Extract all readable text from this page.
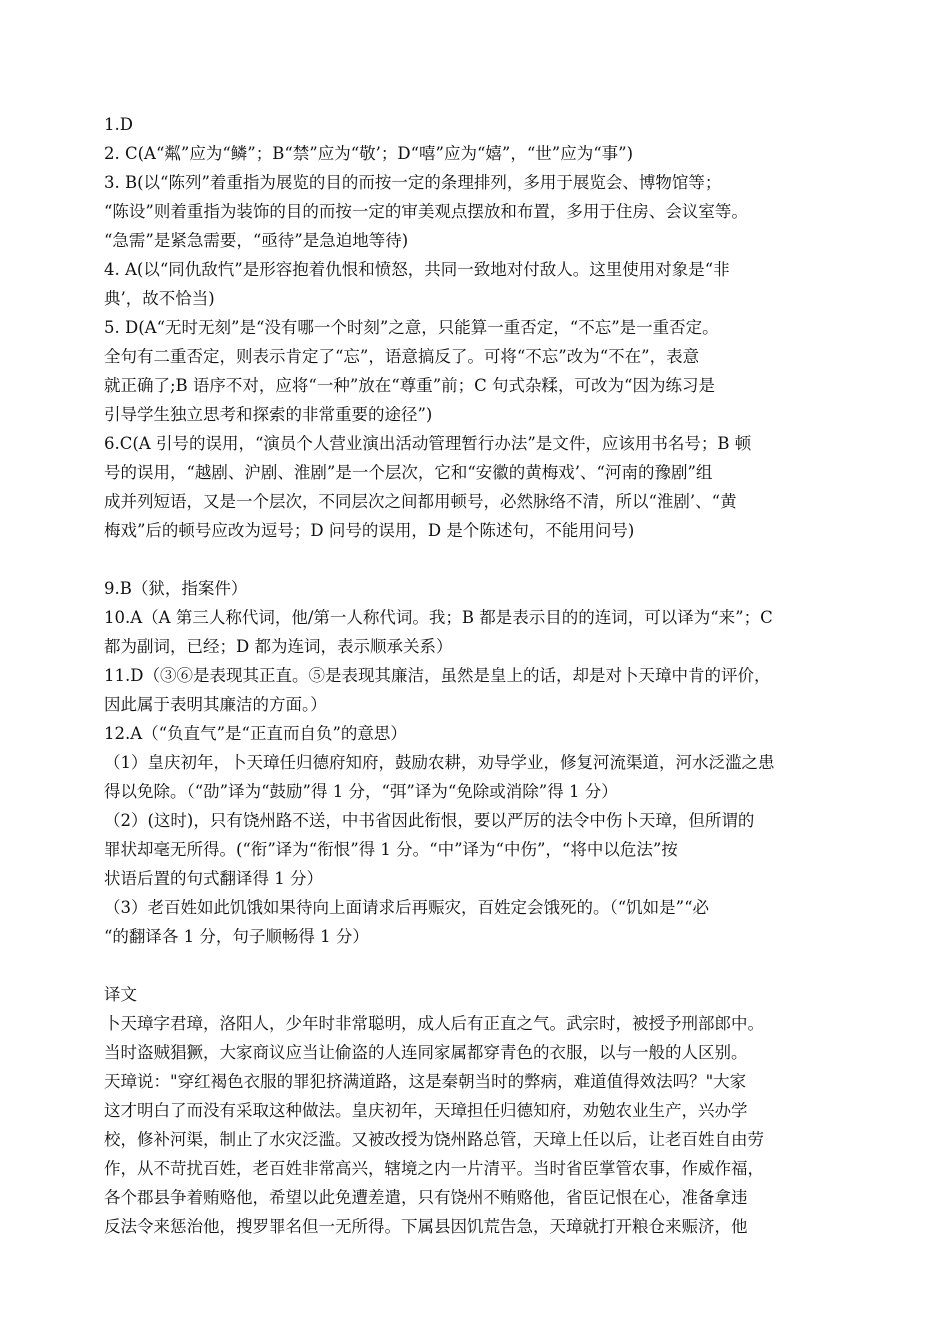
1.D

2. C(A“粼”应为“鳞”；B“禁”应为“敬’；D“嘻”应为“嬉”，“世”应为“事”)

3. B(以“陈列”着重指为展览的目的而按一定的条理排列，多用于展览会、博物馆等；

“陈设”则着重指为装饰的目的而按一定的审美观点摆放和布置，多用于住房、会议室等。

“急需”是紧急需要，“亟待”是急迫地等待)

4. A(以“同仇敌忾”是形容抱着仇恨和愤怒，共同一致地对付敌人。这里使用对象是“非

典’，故不恰当)

5. D(A“无时无刻”是“没有哪一个时刻”之意，只能算一重否定，“不忘”是一重否定。

全句有二重否定，则表示肯定了“忘”，语意搞反了。可将“不忘”改为“不在”，表意

就正确了;B 语序不对，应将“一种”放在“尊重”前；C 句式杂糅，可改为“因为练习是

引导学生独立思考和探索的非常重要的途径”)

6.C(A 引号的误用，“演员个人营业演出活动管理暂行办法”是文件，应该用书名号；B 顿

号的误用，“越剧、沪剧、淮剧”是一个层次，它和“安徽的黄梅戏’、“河南的豫剧”组

成并列短语，又是一个层次，不同层次之间都用顿号，必然脉络不清，所以“淮剧’、“黄

梅戏”后的顿号应改为逗号；D 问号的误用，D 是个陈述句，不能用问号)

9.B（狱，指案件）

10.A（A 第三人称代词，他/第一人称代词。我；B 都是表示目的的连词，可以译为“来”；C

都为副词，已经；D 都为连词，表示顺承关系）

11.D（③⑥是表现其正直。⑤是表现其廉洁，虽然是皇上的话，却是对卜天璋中肯的评价，

因此属于表明其廉洁的方面。）

12.A（“负直气”是“正直而自负”的意思）

（1）皇庆初年，卜天璋任归德府知府，鼓励农耕，劝导学业，修复河流渠道，河水泛滥之患

得以免除。（“劭”译为“鼓励”得 1 分，“弭”译为“免除或消除”得 1 分）

（2）(这时)，只有饶州路不送，中书省因此衔恨，要以严厉的法令中伤卜天璋，但所谓的

罪状却毫无所得。(“衔”译为“衔恨”得 1 分。“中”译为“中伤”，“将中以危法”按

状语后置的句式翻译得 1 分）

（3）老百姓如此饥饿如果待向上面请求后再赈灾，百姓定会饿死的。（“饥如是”“必

“的翻译各 1 分，句子顺畅得 1 分）

译文

卜天璋字君璋，洛阳人，少年时非常聪明，成人后有正直之气。武宗时，被授予刑部郎中。

当时盗贼猖獗，大家商议应当让偷盗的人连同家属都穿青色的衣服，以与一般的人区别。

天璋说："穿红褐色衣服的罪犯挤满道路，这是秦朝当时的弊病，难道值得效法吗？"大家

这才明白了而没有采取这种做法。皇庆初年，天璋担任归德知府，劝勉农业生产，兴办学

校，修补河渠，制止了水灾泛滥。又被改授为饶州路总管，天璋上任以后，让老百姓自由劳

作，从不苛扰百姓，老百姓非常高兴，辖境之内一片清平。当时省臣掌管农事，作威作福，

各个郡县争着贿赂他，希望以此免遭差遣，只有饶州不贿赂他，省臣记恨在心，准备拿违

反法令来惩治他，搜罗罪名但一无所得。下属县因饥荒告急，天璋就打开粮仓来赈济，他
